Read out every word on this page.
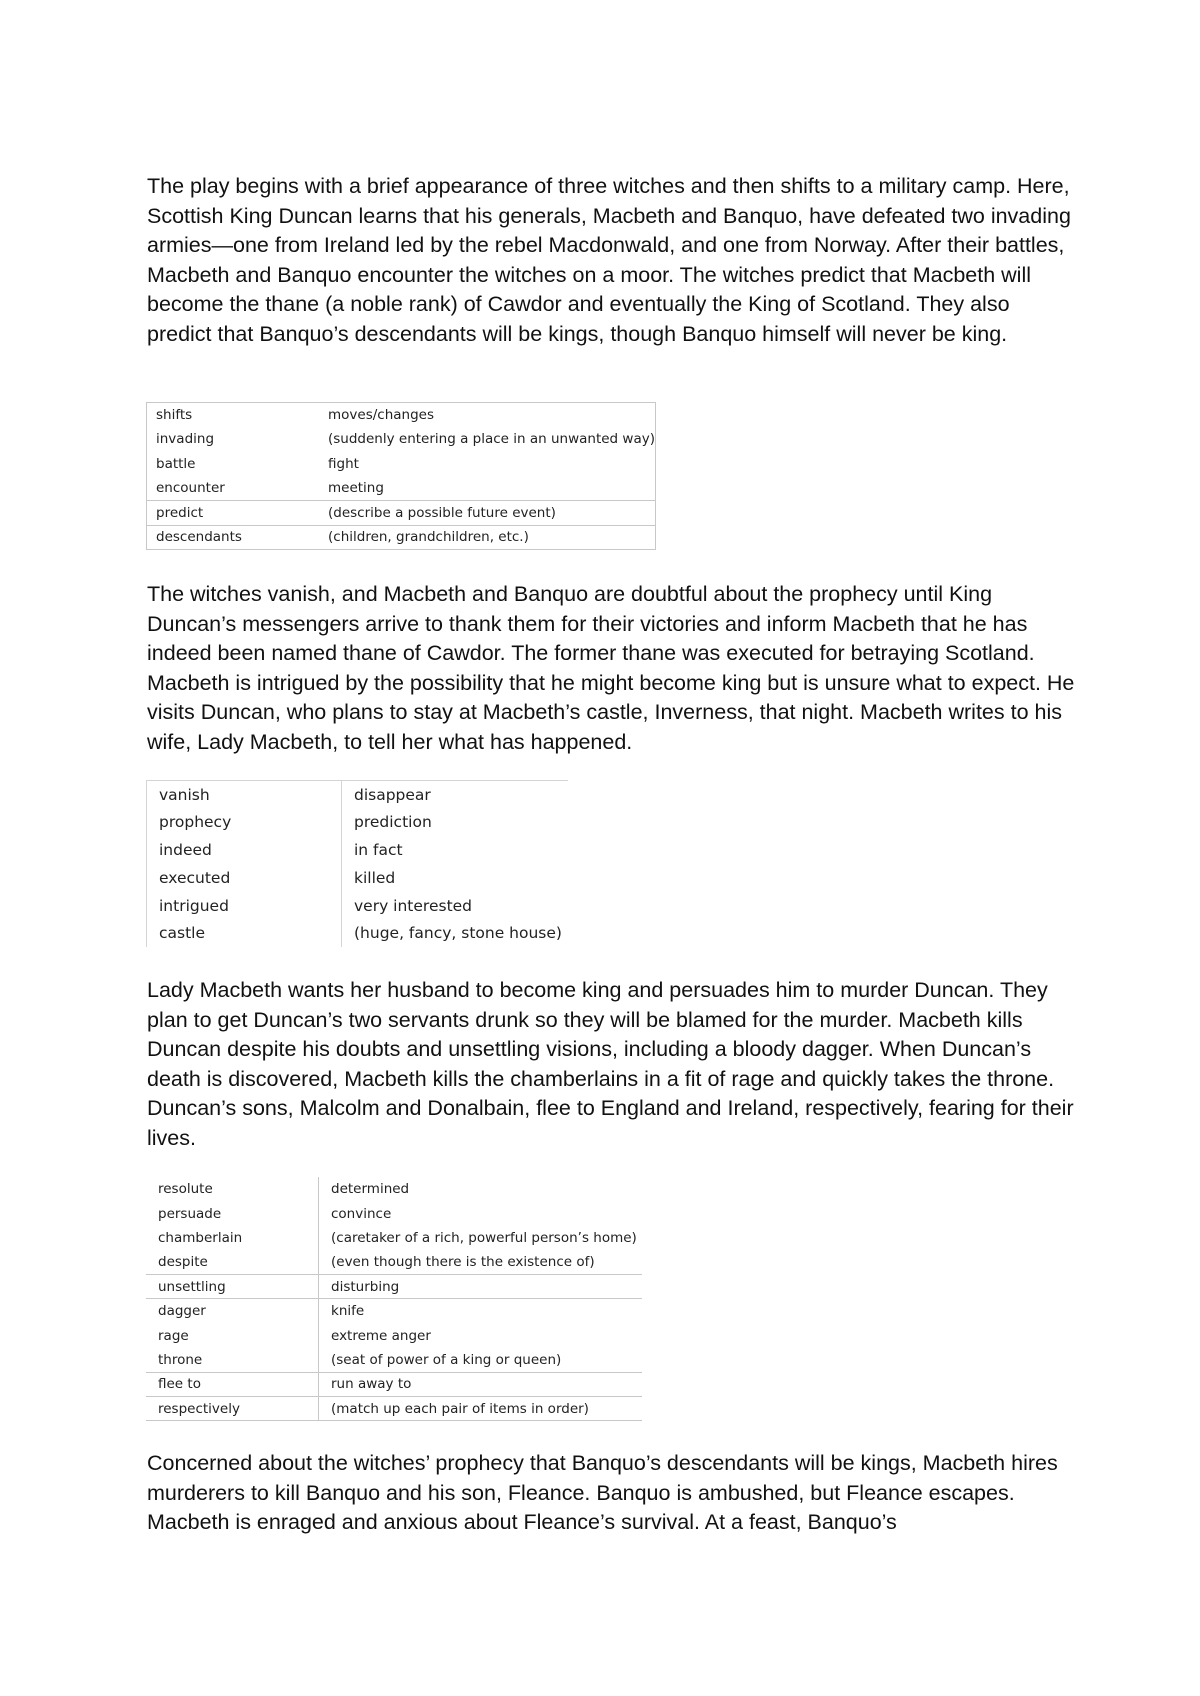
The play begins with a brief appearance of three witches and then shifts to a military camp. Here, Scottish King Duncan learns that his generals, Macbeth and Banquo, have defeated two invading armies—one from Ireland led by the rebel Macdonwald, and one from Norway. After their battles, Macbeth and Banquo encounter the witches on a moor. The witches predict that Macbeth will become the thane (a noble rank) of Cawdor and eventually the King of Scotland. They also predict that Banquo’s descendants will be kings, though Banquo himself will never be king.

shifts	moves/changes
invading	(suddenly entering a place in an unwanted way)
battle	fight
encounter	meeting
predict	(describe a possible future event)
descendants	(children, grandchildren, etc.)

The witches vanish, and Macbeth and Banquo are doubtful about the prophecy until King Duncan’s messengers arrive to thank them for their victories and inform Macbeth that he has indeed been named thane of Cawdor. The former thane was executed for betraying Scotland. Macbeth is intrigued by the possibility that he might become king but is unsure what to expect. He visits Duncan, who plans to stay at Macbeth’s castle, Inverness, that night. Macbeth writes to his wife, Lady Macbeth, to tell her what has happened.

vanish	disappear
prophecy	prediction
indeed	in fact
executed	killed
intrigued	very interested
castle	(huge, fancy, stone house)

Lady Macbeth wants her husband to become king and persuades him to murder Duncan. They plan to get Duncan’s two servants drunk so they will be blamed for the murder. Macbeth kills Duncan despite his doubts and unsettling visions, including a bloody dagger. When Duncan’s death is discovered, Macbeth kills the chamberlains in a fit of rage and quickly takes the throne. Duncan’s sons, Malcolm and Donalbain, flee to England and Ireland, respectively, fearing for their lives.

resolute	determined
persuade	convince
chamberlain	(caretaker of a rich, powerful person’s home)
despite	(even though there is the existence of)
unsettling	disturbing
dagger	knife
rage	extreme anger
throne	(seat of power of a king or queen)
flee to	run away to
respectively	(match up each pair of items in order)

Concerned about the witches’ prophecy that Banquo’s descendants will be kings, Macbeth hires murderers to kill Banquo and his son, Fleance. Banquo is ambushed, but Fleance escapes. Macbeth is enraged and anxious about Fleance’s survival. At a feast, Banquo’s
